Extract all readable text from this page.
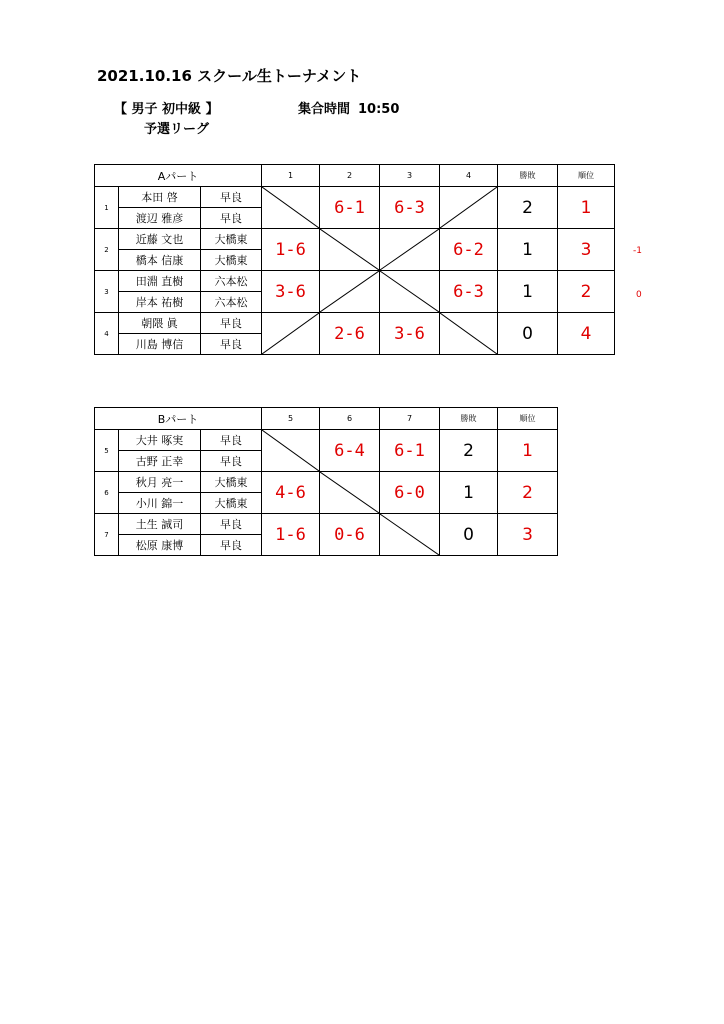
2021.10.16 スクール生トーナメント
【 男子 初中級 】	集合時間 10:50
予選リーグ
Aパート			1	2	3	4	勝敗	順位
1	本田 啓	早良		6-1	6-3		2	1
	渡辺 雅彦	早良						
2	近藤 文也	大橋東	1-6			6-2	1	3
	橋本 信康	大橋東						
3	田淵 直樹	六本松	3-6			6-3	1	2
	岸本 祐樹	六本松						
4	朝隈 眞	早良		2-6	3-6		0	4
	川島 博信	早良						
-1
0
Bパート			5	6	7	勝敗	順位
5	大井 啄実	早良		6-4	6-1	2	1
	古野 正幸	早良					
6	秋月 亮一	大橋東	4-6		6-0	1	2
	小川 錦一	大橋東					
7	土生 誠司	早良	1-6	0-6		0	3
	松原 康博	早良					
